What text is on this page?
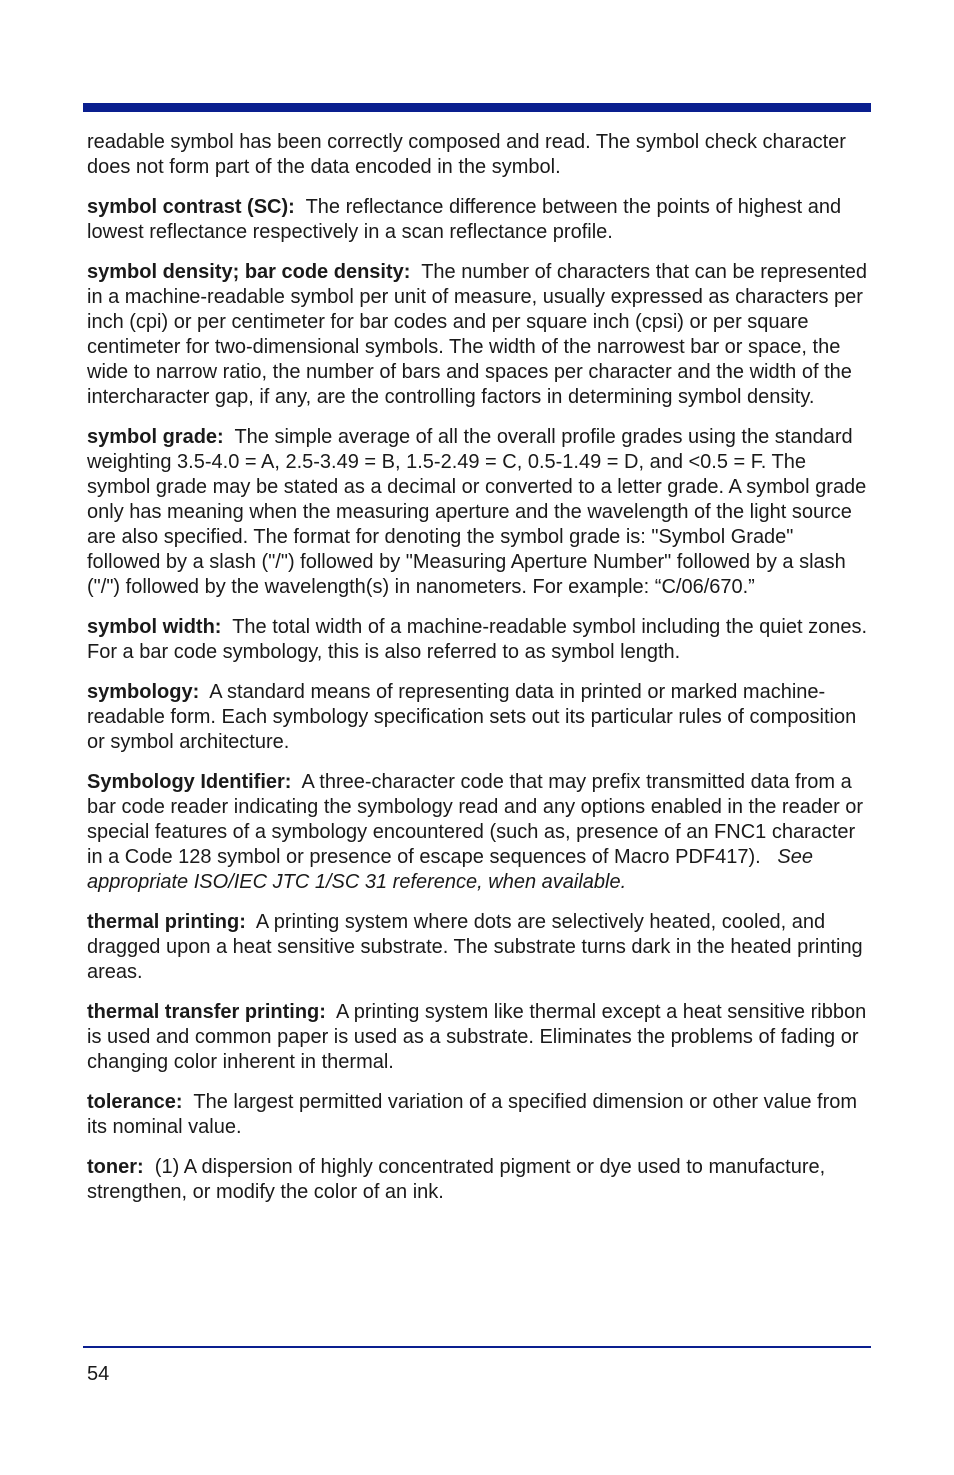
readable symbol has been correctly composed and read. The symbol check character does not form part of the data encoded in the symbol.

symbol contrast (SC): The reflectance difference between the points of highest and lowest reflectance respectively in a scan reflectance profile.

symbol density; bar code density: The number of characters that can be represented in a machine-readable symbol per unit of measure, usually expressed as characters per inch (cpi) or per centimeter for bar codes and per square inch (cpsi) or per square centimeter for two-dimensional symbols. The width of the narrowest bar or space, the wide to narrow ratio, the number of bars and spaces per character and the width of the intercharacter gap, if any, are the controlling factors in determining symbol density.

symbol grade: The simple average of all the overall profile grades using the standard weighting 3.5-4.0 = A, 2.5-3.49 = B, 1.5-2.49 = C, 0.5-1.49 = D, and <0.5 = F. The symbol grade may be stated as a decimal or converted to a letter grade. A symbol grade only has meaning when the measuring aperture and the wavelength of the light source are also specified. The format for denoting the symbol grade is: "Symbol Grade" followed by a slash ("/") followed by "Measuring Aperture Number" followed by a slash ("/") followed by the wavelength(s) in nanometers. For example: “C/06/670.”

symbol width: The total width of a machine-readable symbol including the quiet zones. For a bar code symbology, this is also referred to as symbol length.

symbology: A standard means of representing data in printed or marked machine-readable form. Each symbology specification sets out its particular rules of composition or symbol architecture.

Symbology Identifier: A three-character code that may prefix transmitted data from a bar code reader indicating the symbology read and any options enabled in the reader or special features of a symbology encountered (such as, presence of an FNC1 character in a Code 128 symbol or presence of escape sequences of Macro PDF417). See appropriate ISO/IEC JTC 1/SC 31 reference, when available.

thermal printing: A printing system where dots are selectively heated, cooled, and dragged upon a heat sensitive substrate. The substrate turns dark in the heated printing areas.

thermal transfer printing: A printing system like thermal except a heat sensitive ribbon is used and common paper is used as a substrate. Eliminates the problems of fading or changing color inherent in thermal.

tolerance: The largest permitted variation of a specified dimension or other value from its nominal value.

toner: (1) A dispersion of highly concentrated pigment or dye used to manufacture, strengthen, or modify the color of an ink.

54
